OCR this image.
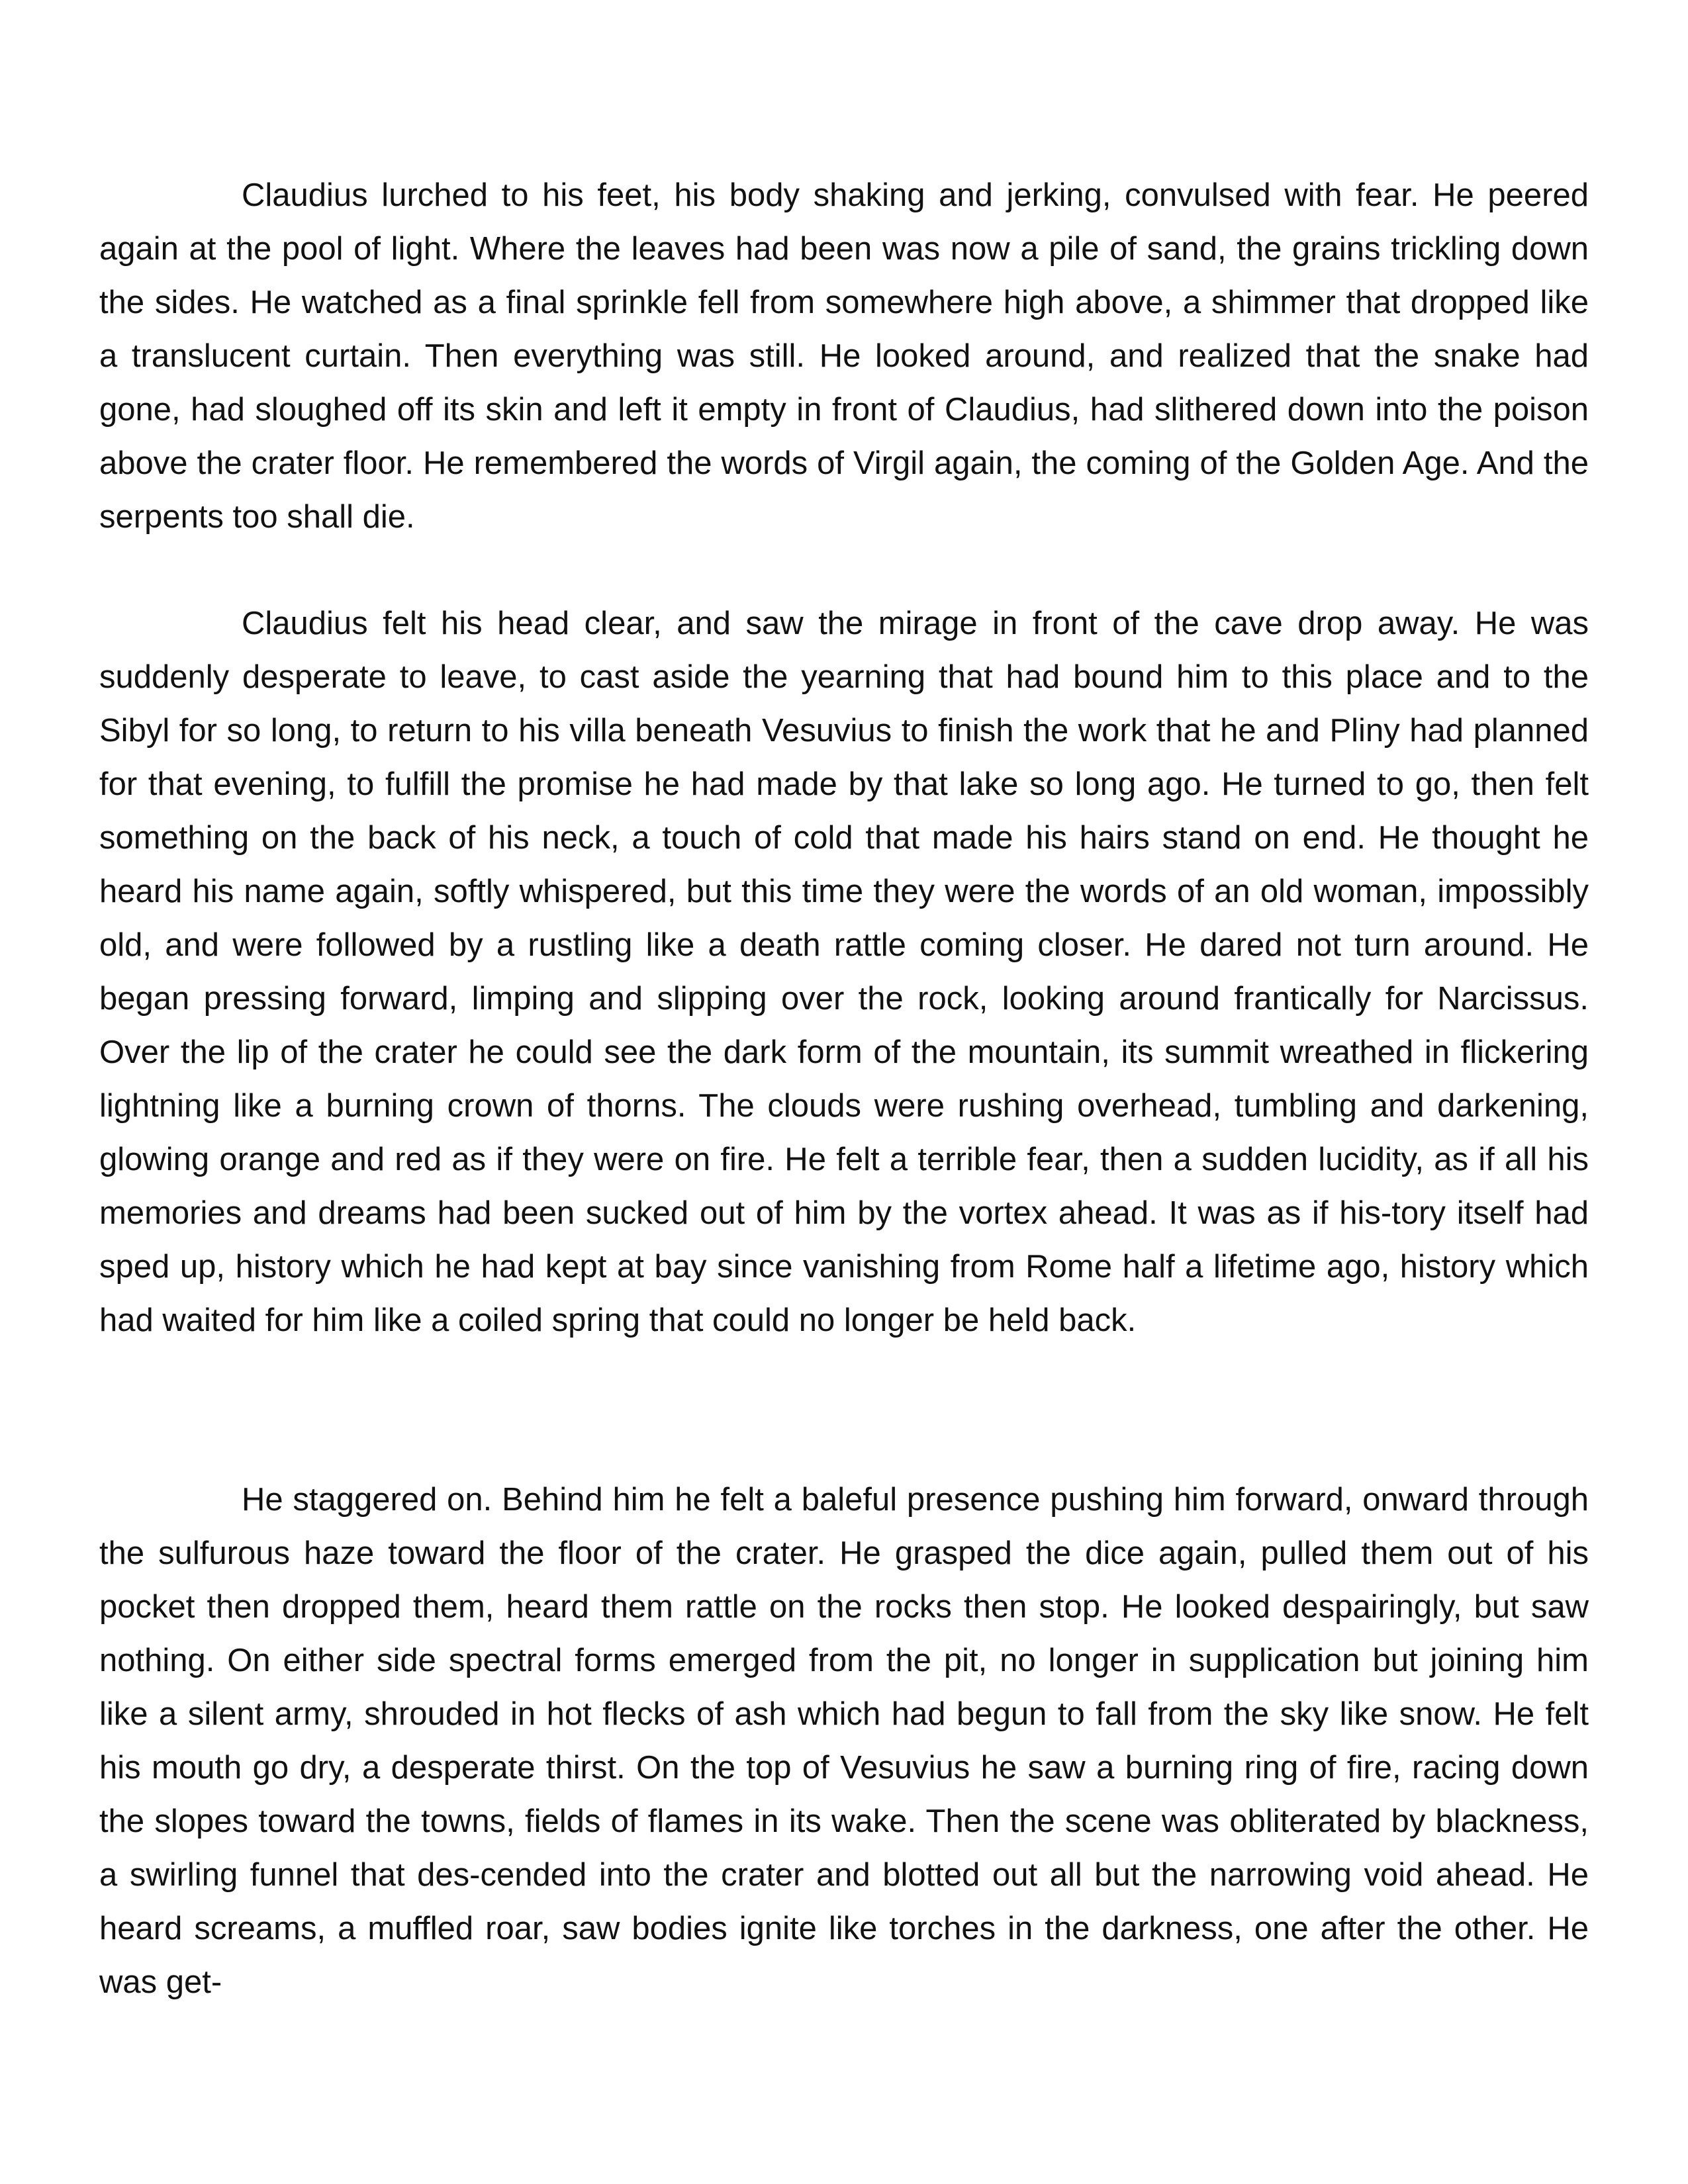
Claudius lurched to his feet, his body shaking and jerking, convulsed with fear. He peered again at the pool of light. Where the leaves had been was now a pile of sand, the grains trickling down the sides. He watched as a final sprinkle fell from somewhere high above, a shimmer that dropped like a translucent curtain. Then everything was still. He looked around, and realized that the snake had gone, had sloughed off its skin and left it empty in front of Claudius, had slithered down into the poison above the crater floor. He remembered the words of Virgil again, the coming of the Golden Age. And the serpents too shall die.

Claudius felt his head clear, and saw the mirage in front of the cave drop away. He was suddenly desperate to leave, to cast aside the yearning that had bound him to this place and to the Sibyl for so long, to return to his villa beneath Vesuvius to finish the work that he and Pliny had planned for that evening, to fulfill the promise he had made by that lake so long ago. He turned to go, then felt something on the back of his neck, a touch of cold that made his hairs stand on end. He thought he heard his name again, softly whispered, but this time they were the words of an old woman, impossibly old, and were followed by a rustling like a death rattle coming closer. He dared not turn around. He began pressing forward, limping and slipping over the rock, looking around frantically for Narcissus. Over the lip of the crater he could see the dark form of the mountain, its summit wreathed in flickering lightning like a burning crown of thorns. The clouds were rushing overhead, tumbling and darkening, glowing orange and red as if they were on fire. He felt a terrible fear, then a sudden lucidity, as if all his memories and dreams had been sucked out of him by the vortex ahead. It was as if his-tory itself had sped up, history which he had kept at bay since vanishing from Rome half a lifetime ago, history which had waited for him like a coiled spring that could no longer be held back.

He staggered on. Behind him he felt a baleful presence pushing him forward, onward through the sulfurous haze toward the floor of the crater. He grasped the dice again, pulled them out of his pocket then dropped them, heard them rattle on the rocks then stop. He looked despairingly, but saw nothing. On either side spectral forms emerged from the pit, no longer in supplication but joining him like a silent army, shrouded in hot flecks of ash which had begun to fall from the sky like snow. He felt his mouth go dry, a desperate thirst. On the top of Vesuvius he saw a burning ring of fire, racing down the slopes toward the towns, fields of flames in its wake. Then the scene was obliterated by blackness, a swirling funnel that des-cended into the crater and blotted out all but the narrowing void ahead. He heard screams, a muffled roar, saw bodies ignite like torches in the darkness, one after the other. He was get-
